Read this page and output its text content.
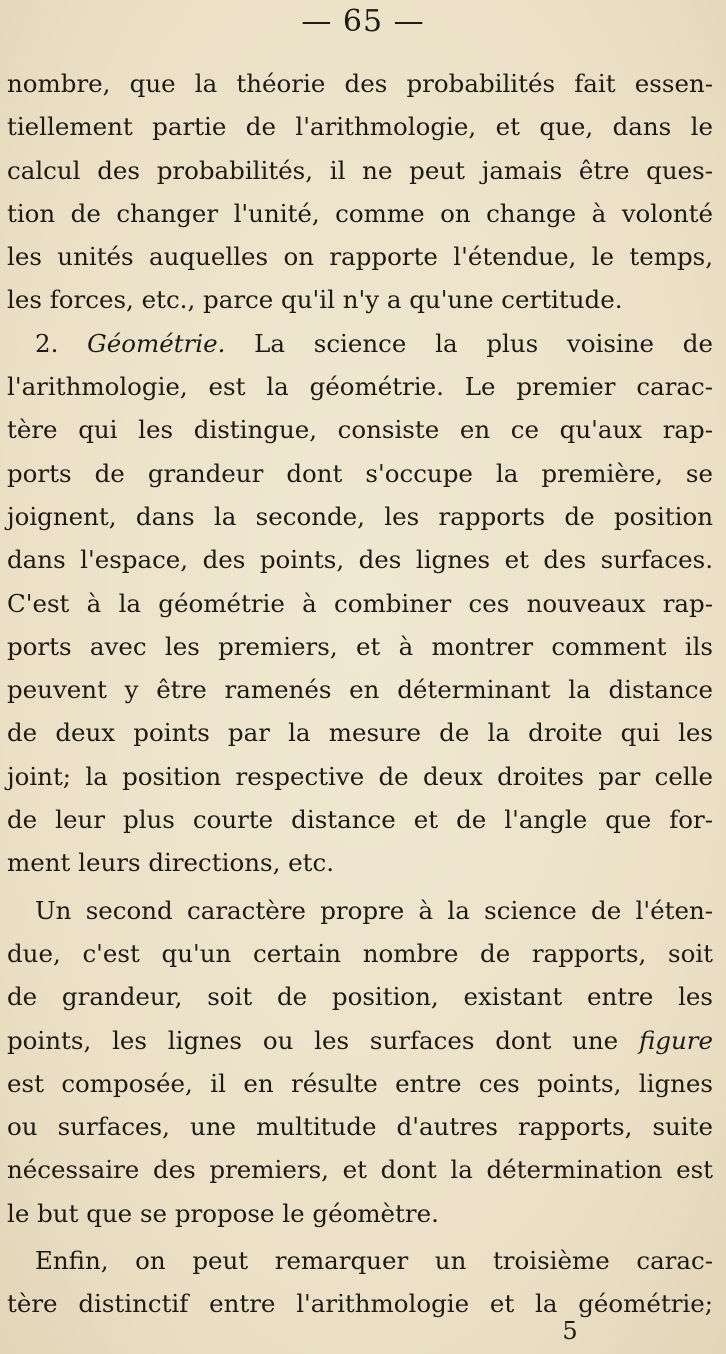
— 65 —
nombre, que la théorie des probabilités fait essen-
tiellement partie de l'arithmologie, et que, dans le
calcul des probabilités, il ne peut jamais être ques-
tion de changer l'unité, comme on change à volonté
les unités auquelles on rapporte l'étendue, le temps,
les forces, etc., parce qu'il n'y a qu'une certitude.
2. Géométrie. La science la plus voisine de
l'arithmologie, est la géométrie. Le premier carac-
tère qui les distingue, consiste en ce qu'aux rap-
ports de grandeur dont s'occupe la première, se
joignent, dans la seconde, les rapports de position
dans l'espace, des points, des lignes et des surfaces.
C'est à la géométrie à combiner ces nouveaux rap-
ports avec les premiers, et à montrer comment ils
peuvent y être ramenés en déterminant la distance
de deux points par la mesure de la droite qui les
joint; la position respective de deux droites par celle
de leur plus courte distance et de l'angle que for-
ment leurs directions, etc.
Un second caractère propre à la science de l'éten-
due, c'est qu'un certain nombre de rapports, soit
de grandeur, soit de position, existant entre les
points, les lignes ou les surfaces dont une figure
est composée, il en résulte entre ces points, lignes
ou surfaces, une multitude d'autres rapports, suite
nécessaire des premiers, et dont la détermination est
le but que se propose le géomètre.
Enfin, on peut remarquer un troisième carac-
tère distinctif entre l'arithmologie et la géométrie;
5
